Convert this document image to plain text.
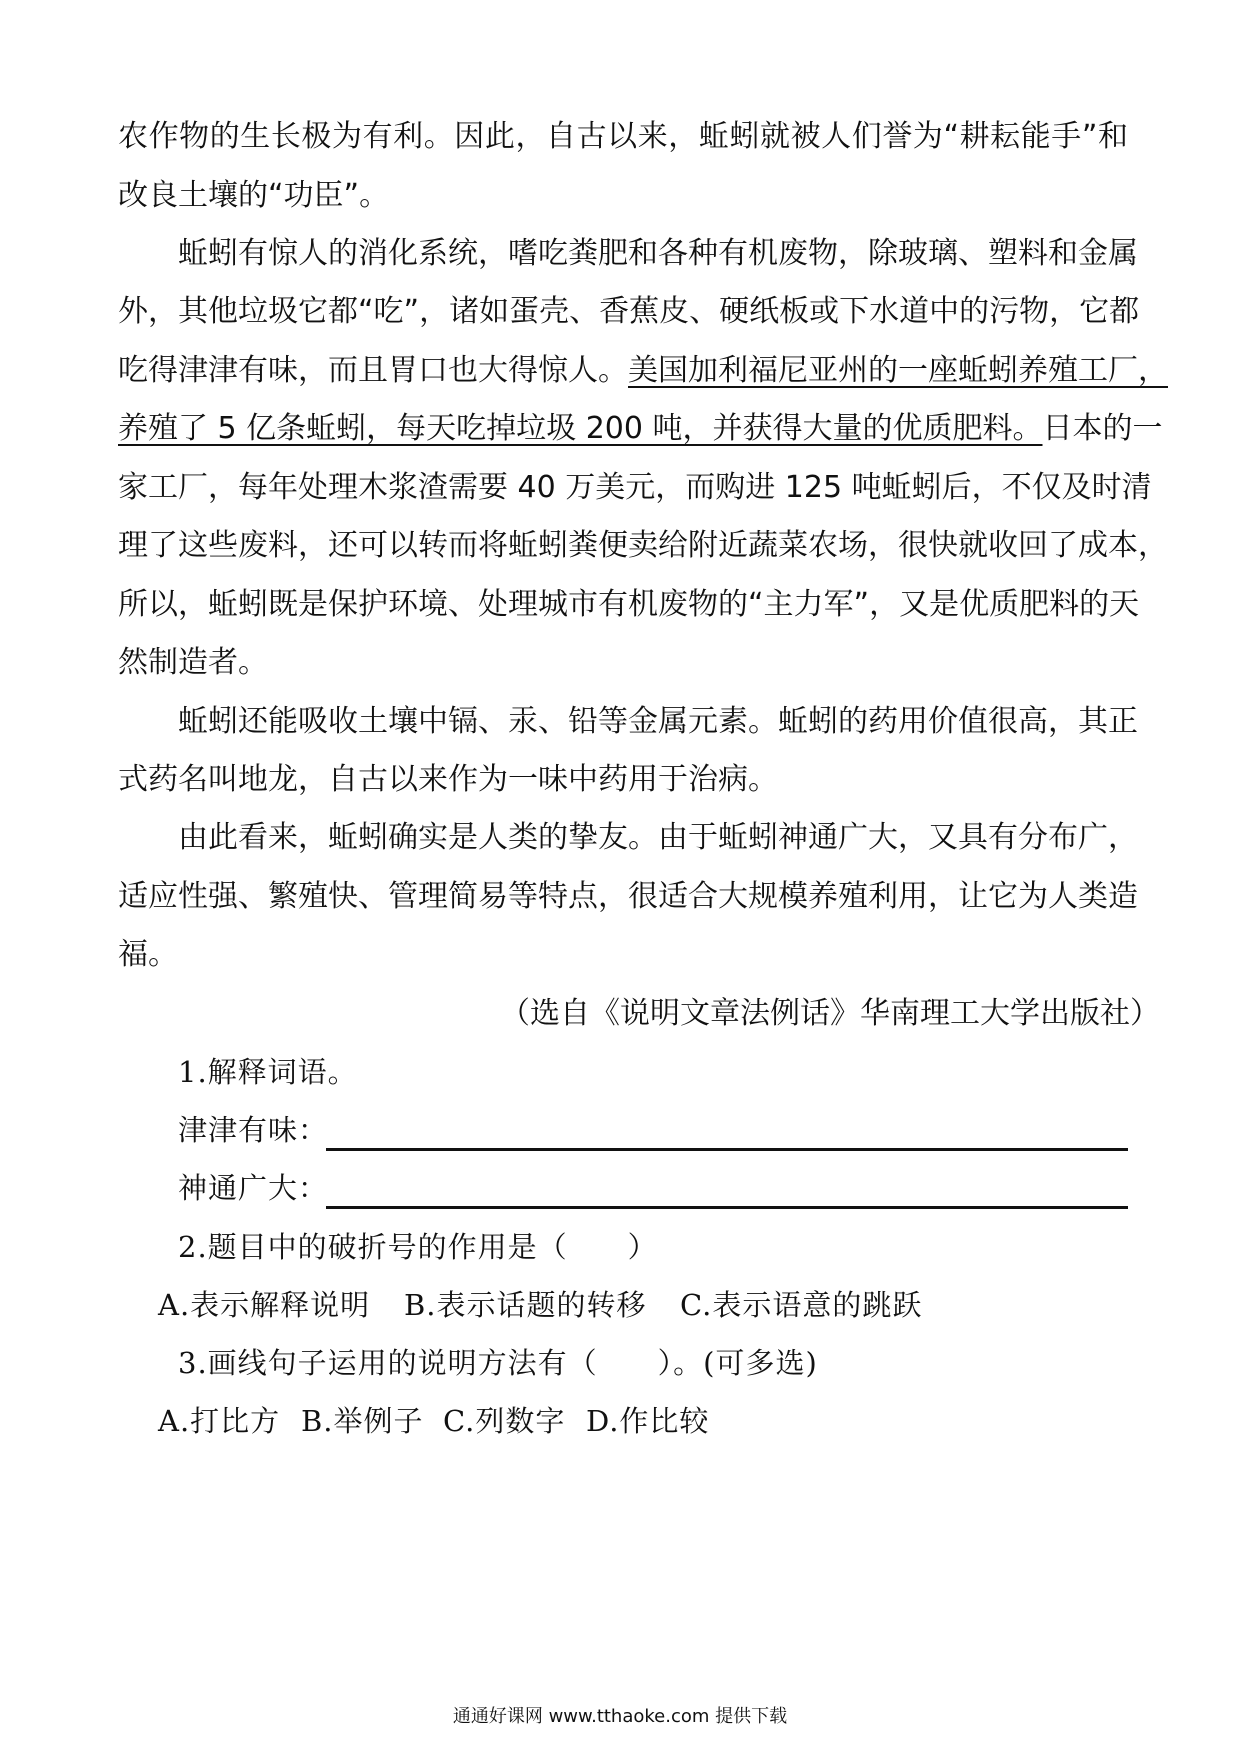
农作物的生长极为有利。因此，自古以来，蚯蚓就被人们誉为“耕耘能手”和
改良土壤的“功臣”。
蚯蚓有惊人的消化系统，嗜吃粪肥和各种有机废物，除玻璃、塑料和金属
外，其他垃圾它都“吃”，诸如蛋壳、香蕉皮、硬纸板或下水道中的污物，它都
吃得津津有味，而且胃口也大得惊人。美国加利福尼亚州的一座蚯蚓养殖工厂，
养殖了 5 亿条蚯蚓，每天吃掉垃圾 200 吨，并获得大量的优质肥料。日本的一
家工厂，每年处理木浆渣需要 40 万美元，而购进 125 吨蚯蚓后，不仅及时清
理了这些废料，还可以转而将蚯蚓粪便卖给附近蔬菜农场，很快就收回了成本，
所以，蚯蚓既是保护环境、处理城市有机废物的“主力军”，又是优质肥料的天
然制造者。
蚯蚓还能吸收土壤中镉、汞、铅等金属元素。蚯蚓的药用价值很高，其正
式药名叫地龙，自古以来作为一味中药用于治病。
由此看来，蚯蚓确实是人类的挚友。由于蚯蚓神通广大，又具有分布广，
适应性强、繁殖快、管理简易等特点，很适合大规模养殖利用，让它为人类造
福。
（选自《说明文章法例话》华南理工大学出版社）
1.解释词语。
津津有味：
神通广大：
2.题目中的破折号的作用是（　　）
A.表示解释说明 B.表示话题的转移 C.表示语意的跳跃
3.画线句子运用的说明方法有（　　）。(可多选)
A.打比方 B.举例子 C.列数字 D.作比较
通通好课网 www.tthaoke.com 提供下载
